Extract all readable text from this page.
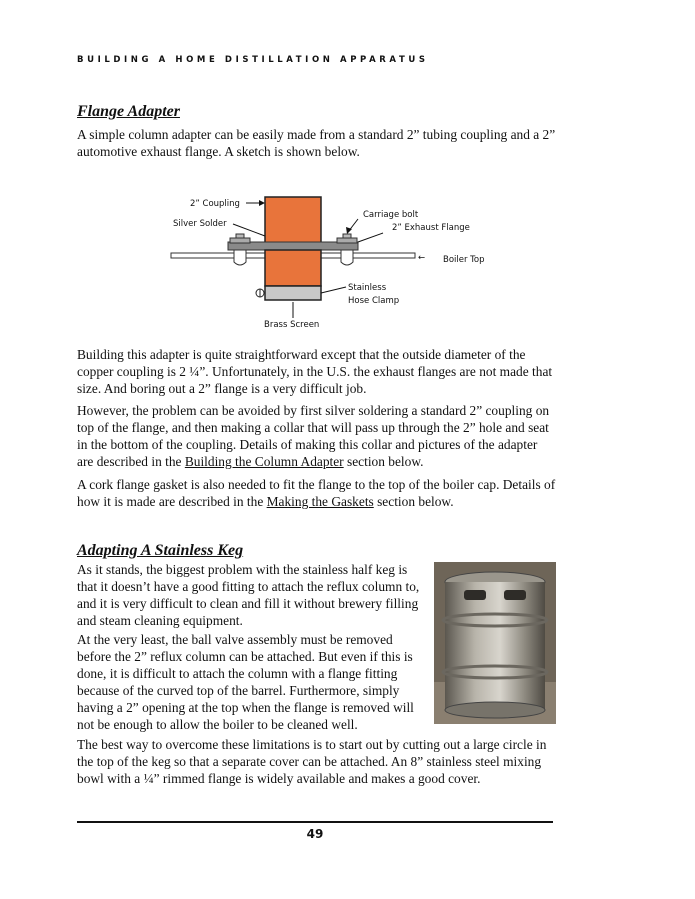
BUILDING A HOME DISTILLATION APPARATUS
Flange Adapter

A simple column adapter can be easily made from a standard 2” tubing coupling and a 2” automotive exhaust flange. A sketch is shown below.

2” Coupling
Silver Solder
Carriage bolt
2” Exhaust Flange
← Boiler Top
Stainless
Hose Clamp
Brass Screen

Building this adapter is quite straightforward except that the outside diameter of the copper coupling is 2 ¼”. Unfortunately, in the U.S. the exhaust flanges are not made that size. And boring out a 2” flange is a very difficult job.

However, the problem can be avoided by first silver soldering a standard 2” coupling on top of the flange, and then making a collar that will pass up through the 2” hole and seat in the bottom of the coupling. Details of making this collar and pictures of the adapter are described in the Building the Column Adapter section below.

A cork flange gasket is also needed to fit the flange to the top of the boiler cap. Details of how it is made are described in the Making the Gaskets section below.

Adapting A Stainless Keg

As it stands, the biggest problem with the stainless half keg is that it doesn’t have a good fitting to attach the reflux column to, and it is very difficult to clean and fill it without brewery filling and steam cleaning equipment.

At the very least, the ball valve assembly must be removed before the 2” reflux column can be attached. But even if this is done, it is difficult to attach the column with a flange fitting because of the curved top of the barrel. Furthermore, simply having a 2” opening at the top when the flange is removed will not be enough to allow the boiler to be cleaned well.

The best way to overcome these limitations is to start out by cutting out a large circle in the top of the keg so that a separate cover can be attached. An 8” stainless steel mixing bowl with a ¼” rimmed flange is widely available and makes a good cover.

49
